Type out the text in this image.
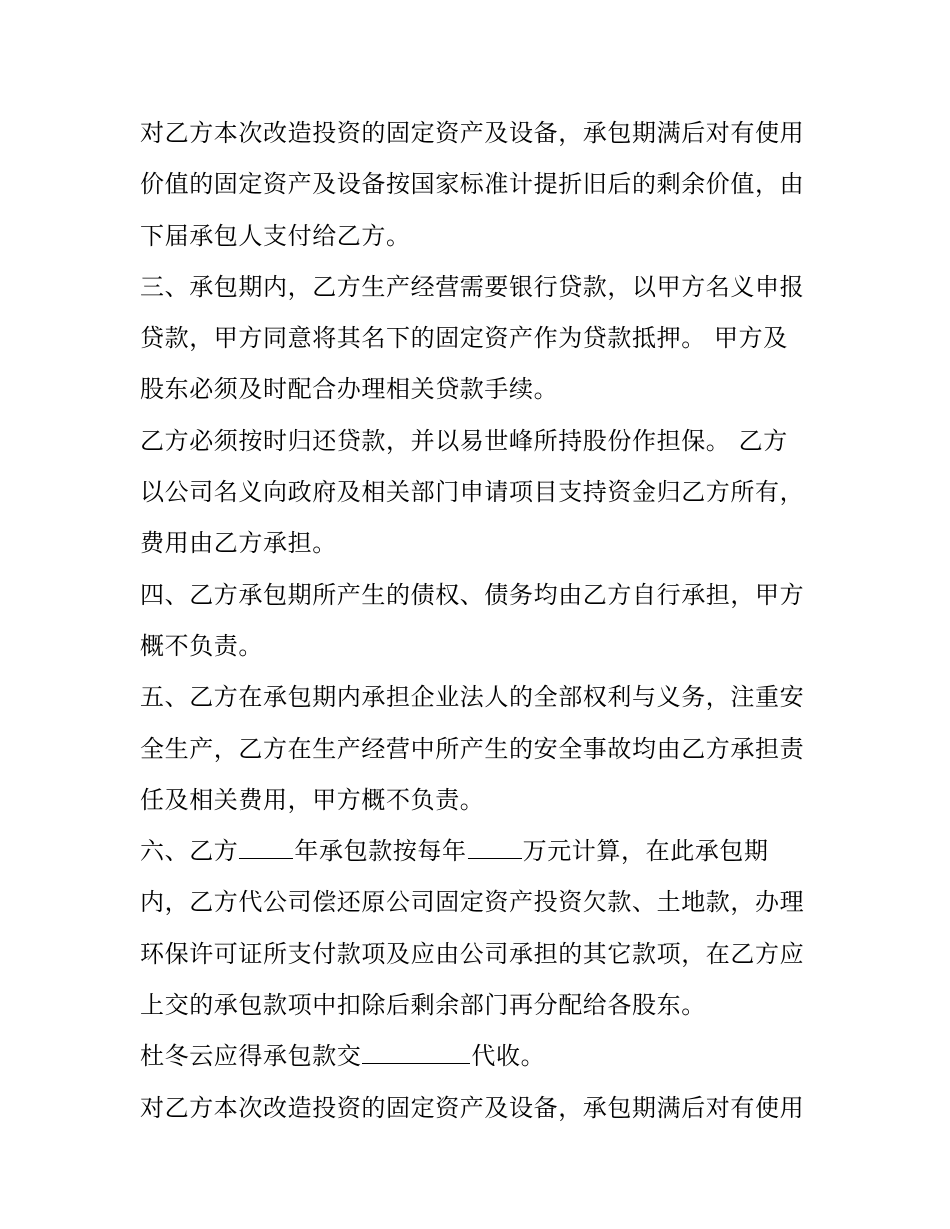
对乙方本次改造投资的固定资产及设备，承包期满后对有使用
价值的固定资产及设备按国家标准计提折旧后的剩余价值，由
下届承包人支付给乙方。
三、承包期内，乙方生产经营需要银行贷款，以甲方名义申报
贷款，甲方同意将其名下的固定资产作为贷款抵押。 甲方及
股东必须及时配合办理相关贷款手续。
乙方必须按时归还贷款，并以易世峰所持股份作担保。 乙方
以公司名义向政府及相关部门申请项目支持资金归乙方所有，
费用由乙方承担。
四、乙方承包期所产生的债权、债务均由乙方自行承担，甲方
概不负责。
五、乙方在承包期内承担企业法人的全部权利与义务，注重安
全生产，乙方在生产经营中所产生的安全事故均由乙方承担责
任及相关费用，甲方概不负责。
六、乙方 年承包款按每年 万元计算，在此承包期
内，乙方代公司偿还原公司固定资产投资欠款、土地款，办理
环保许可证所支付款项及应由公司承担的其它款项，在乙方应
上交的承包款项中扣除后剩余部门再分配给各股东。
杜冬云应得承包款交	代收。
对乙方本次改造投资的固定资产及设备，承包期满后对有使用
